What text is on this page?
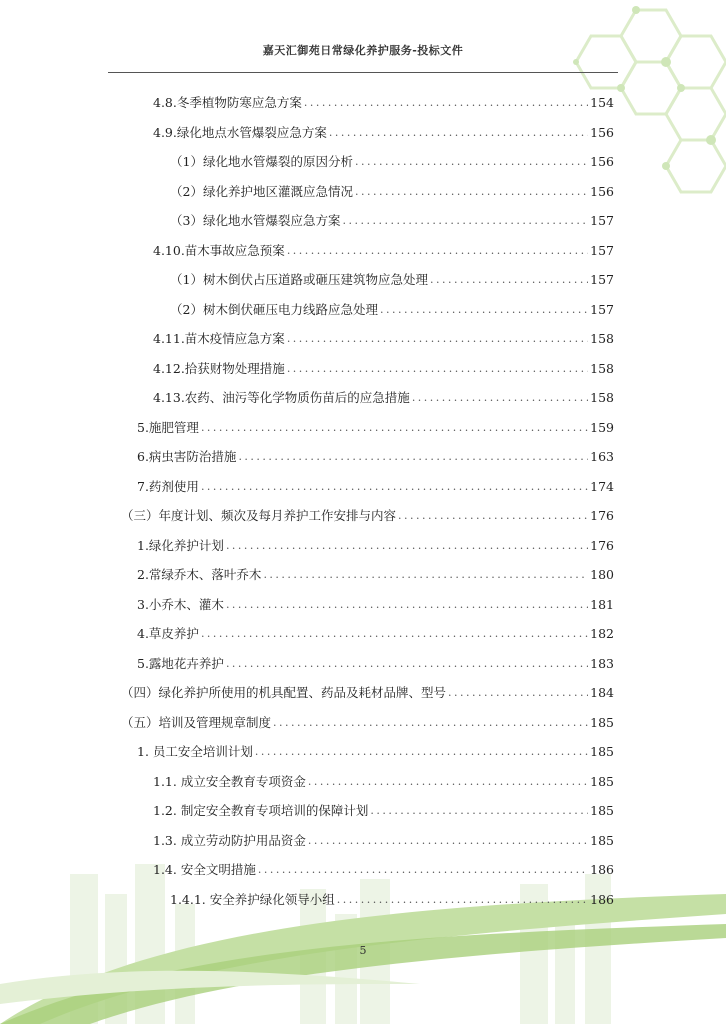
嘉天汇御苑日常绿化养护服务-投标文件
4.8.冬季植物防寒应急方案 .....	154
4.9.绿化地点水管爆裂应急方案 .....	156
（1）绿化地水管爆裂的原因分析 .....	156
（2）绿化养护地区灌溉应急情况 .....	156
（3）绿化地水管爆裂应急方案 .....	157
4.10.苗木事故应急预案 .....	157
（1）树木倒伏占压道路或砸压建筑物应急处理 .....	157
（2）树木倒伏砸压电力线路应急处理 .....	157
4.11.苗木疫情应急方案 .....	158
4.12.拾获财物处理措施 .....	158
4.13.农药、油污等化学物质伤苗后的应急措施 .....	158
5.施肥管理 .....	159
6.病虫害防治措施 .....	163
7.药剂使用 .....	174
（三）年度计划、频次及每月养护工作安排与内容 .....	176
1.绿化养护计划 .....	176
2.常绿乔木、落叶乔木 .....	180
3.小乔木、灌木 .....	181
4.草皮养护 .....	182
5.露地花卉养护 .....	183
（四）绿化养护所使用的机具配置、药品及耗材品牌、型号 .....	184
（五）培训及管理规章制度 .....	185
1. 员工安全培训计划 .....	185
1.1. 成立安全教育专项资金 .....	185
1.2. 制定安全教育专项培训的保障计划 .....	185
1.3. 成立劳动防护用品资金 .....	185
1.4. 安全文明措施 .....	186
1.4.1. 安全养护绿化领导小组 .....	186
5
